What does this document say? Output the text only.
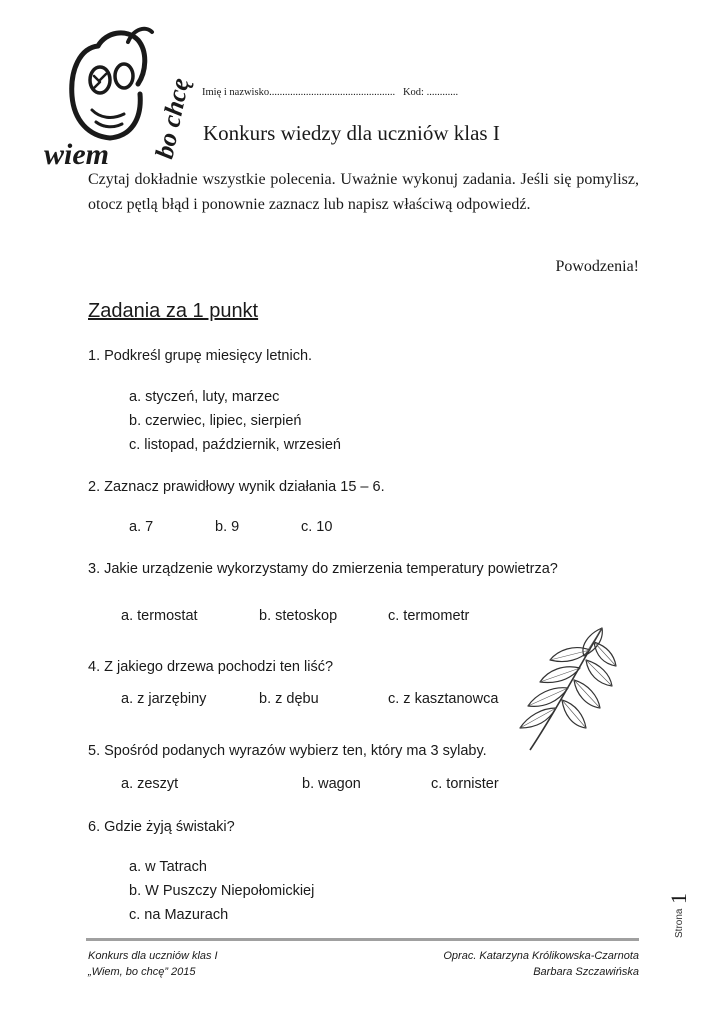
wiem bo chcę Imię i nazwisko................................................ Kod: ............
Konkurs wiedzy dla uczniów klas I
Czytaj dokładnie wszystkie polecenia. Uważnie wykonuj zadania. Jeśli się pomylisz, otocz pętlą błąd i ponownie zaznacz lub napisz właściwą odpowiedź.
Powodzenia!
Zadania za 1 punkt
1. Podkreśl grupę miesięcy letnich.
a. styczeń, luty, marzec
b. czerwiec, lipiec, sierpień
c. listopad, październik, wrzesień
2. Zaznacz prawidłowy wynik działania 15 – 6.
a. 7	b. 9	c. 10
3. Jakie urządzenie wykorzystamy do zmierzenia temperatury powietrza?
a. termostat	b. stetoskop	c. termometr
4. Z jakiego drzewa pochodzi ten liść?
a. z jarzębiny	b. z dębu	c. z kasztanowca
5. Spośród podanych wyrazów wybierz ten, który ma 3 sylaby.
a. zeszyt	b. wagon	c. tornister
6. Gdzie żyją świstaki?
a. w Tatrach
b. W Puszczy Niepołomickiej
c. na Mazurach	Strona
1
Konkurs dla uczniów klas I
„Wiem, bo chcę” 2015
Oprac. Katarzyna Królikowska-Czarnota
Barbara Szczawińska
